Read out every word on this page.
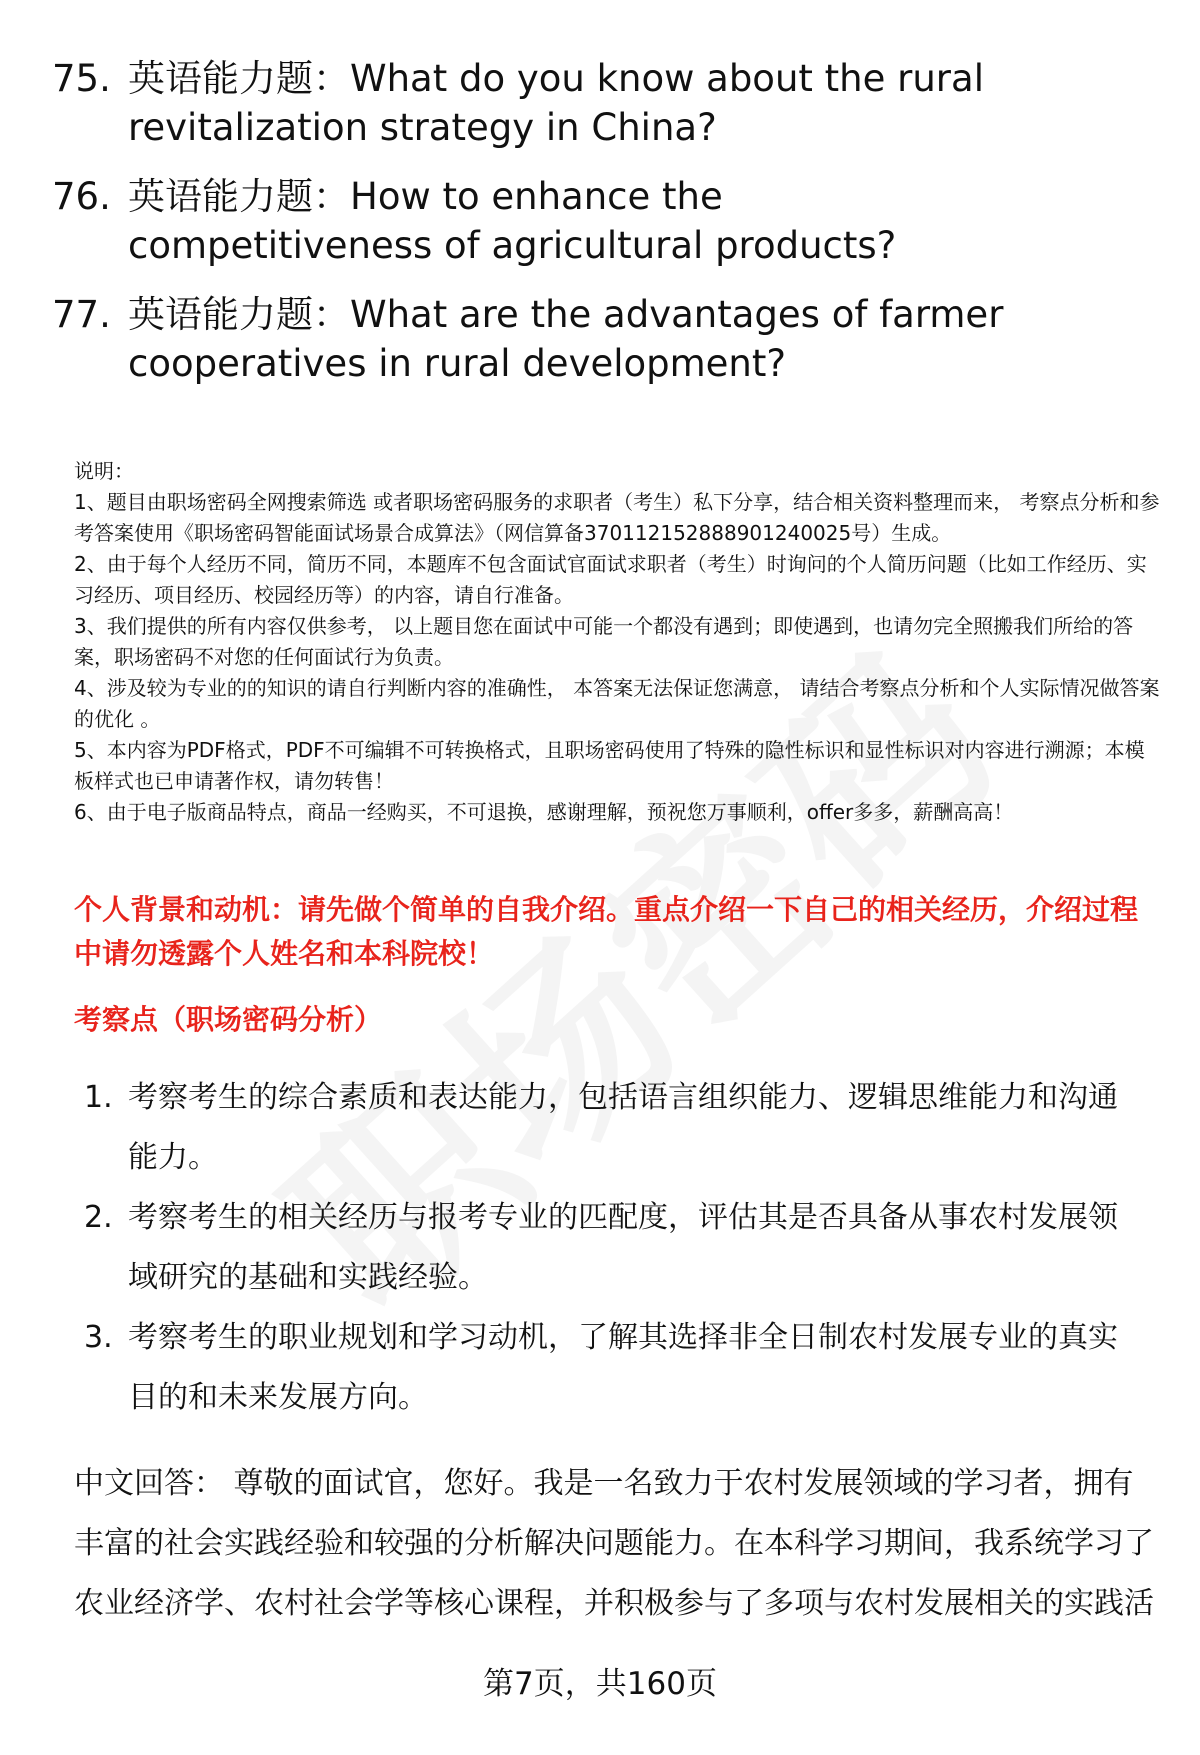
75. 英语能力题：What do you know about the rural revitalization strategy in China?
76. 英语能力题：How to enhance the competitiveness of agricultural products?
77. 英语能力题：What are the advantages of farmer cooperatives in rural development?

说明：

1、题目由职场密码全网搜索筛选 或者职场密码服务的求职者（考生）私下分享，结合相关资料整理而来， 考察点分析和参考答案使用《职场密码智能面试场景合成算法》（网信算备370112152888901240025号）生成。

2、由于每个人经历不同，简历不同，本题库不包含面试官面试求职者（考生）时询问的个人简历问题（比如工作经历、实习经历、项目经历、校园经历等）的内容，请自行准备。

3、我们提供的所有内容仅供参考， 以上题目您在面试中可能一个都没有遇到；即使遇到，也请勿完全照搬我们所给的答案，职场密码不对您的任何面试行为负责。

4、涉及较为专业的的知识的请自行判断内容的准确性， 本答案无法保证您满意， 请结合考察点分析和个人实际情况做答案的优化 。

5、本内容为PDF格式，PDF不可编辑不可转换格式，且职场密码使用了特殊的隐性标识和显性标识对内容进行溯源；本模板样式也已申请著作权，请勿转售！

6、由于电子版商品特点，商品一经购买，不可退换，感谢理解，预祝您万事顺利，offer多多，薪酬高高！

个人背景和动机：请先做个简单的自我介绍。重点介绍一下自己的相关经历，介绍过程中请勿透露个人姓名和本科院校！
考察点（职场密码分析）
1. 考察考生的综合素质和表达能力，包括语言组织能力、逻辑思维能力和沟通能力。
2. 考察考生的相关经历与报考专业的匹配度，评估其是否具备从事农村发展领域研究的基础和实践经验。
3. 考察考生的职业规划和学习动机，了解其选择非全日制农村发展专业的真实目的和未来发展方向。
中文回答： 尊敬的面试官，您好。我是一名致力于农村发展领域的学习者，拥有丰富的社会实践经验和较强的分析解决问题能力。在本科学习期间，我系统学习了农业经济学、农村社会学等核心课程，并积极参与了多项与农村发展相关的实践活
第7页，共160页
